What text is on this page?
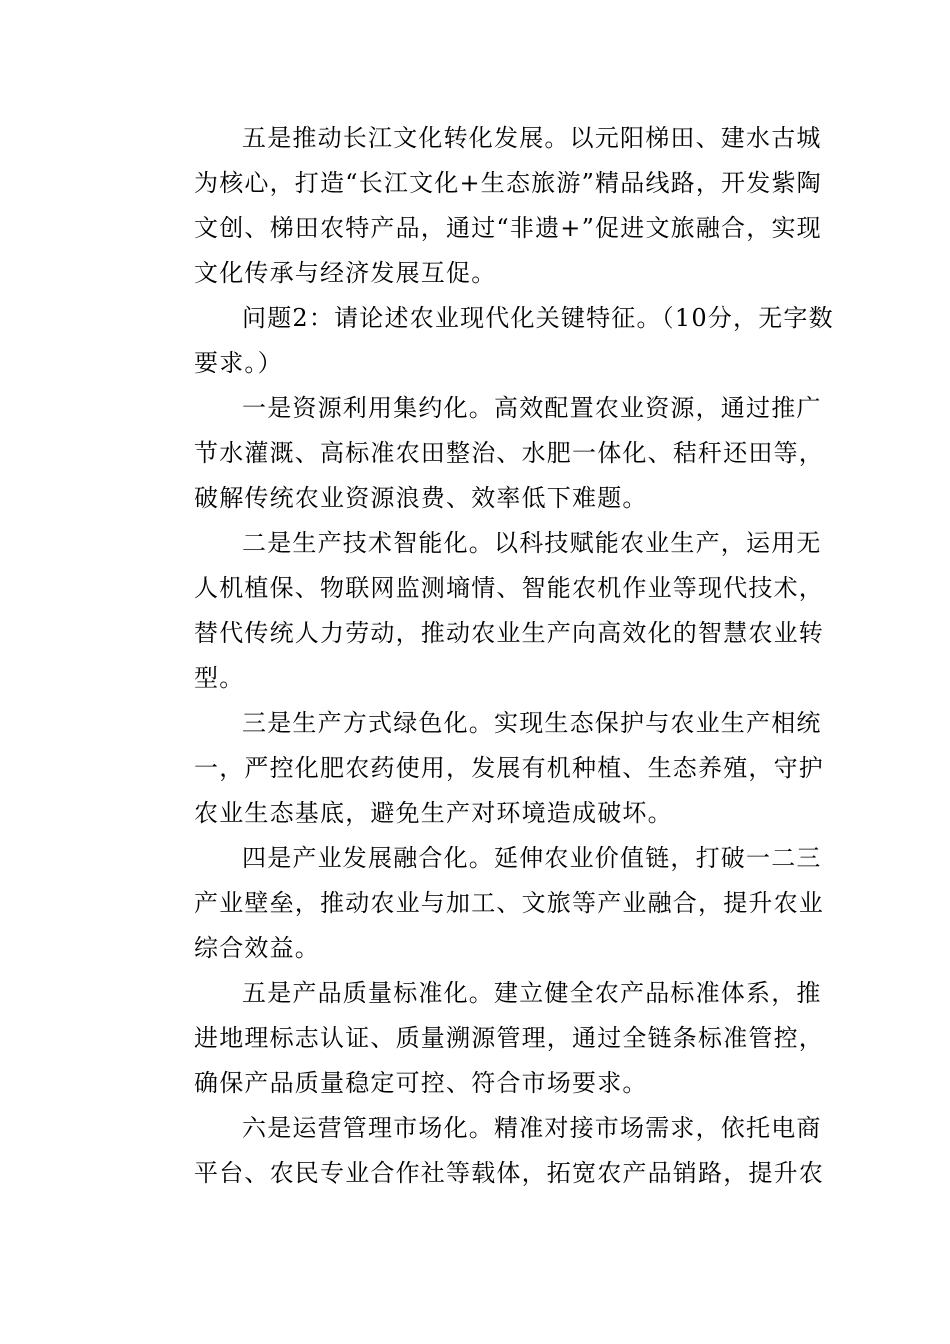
五是推动长江文化转化发展。以元阳梯田、建水古城
为核心，打造“长江文化+生态旅游”精品线路，开发紫陶
文创、梯田农特产品，通过“非遗+”促进文旅融合，实现
文化传承与经济发展互促。
问题2：请论述农业现代化关键特征。（10分，无字数
要求。）
一是资源利用集约化。高效配置农业资源，通过推广
节水灌溉、高标准农田整治、水肥一体化、秸秆还田等，
破解传统农业资源浪费、效率低下难题。
二是生产技术智能化。以科技赋能农业生产，运用无
人机植保、物联网监测墒情、智能农机作业等现代技术，
替代传统人力劳动，推动农业生产向高效化的智慧农业转
型。
三是生产方式绿色化。实现生态保护与农业生产相统
一，严控化肥农药使用，发展有机种植、生态养殖，守护
农业生态基底，避免生产对环境造成破坏。
四是产业发展融合化。延伸农业价值链，打破一二三
产业壁垒，推动农业与加工、文旅等产业融合，提升农业
综合效益。
五是产品质量标准化。建立健全农产品标准体系，推
进地理标志认证、质量溯源管理，通过全链条标准管控，
确保产品质量稳定可控、符合市场要求。
六是运营管理市场化。精准对接市场需求，依托电商
平台、农民专业合作社等载体，拓宽农产品销路，提升农
